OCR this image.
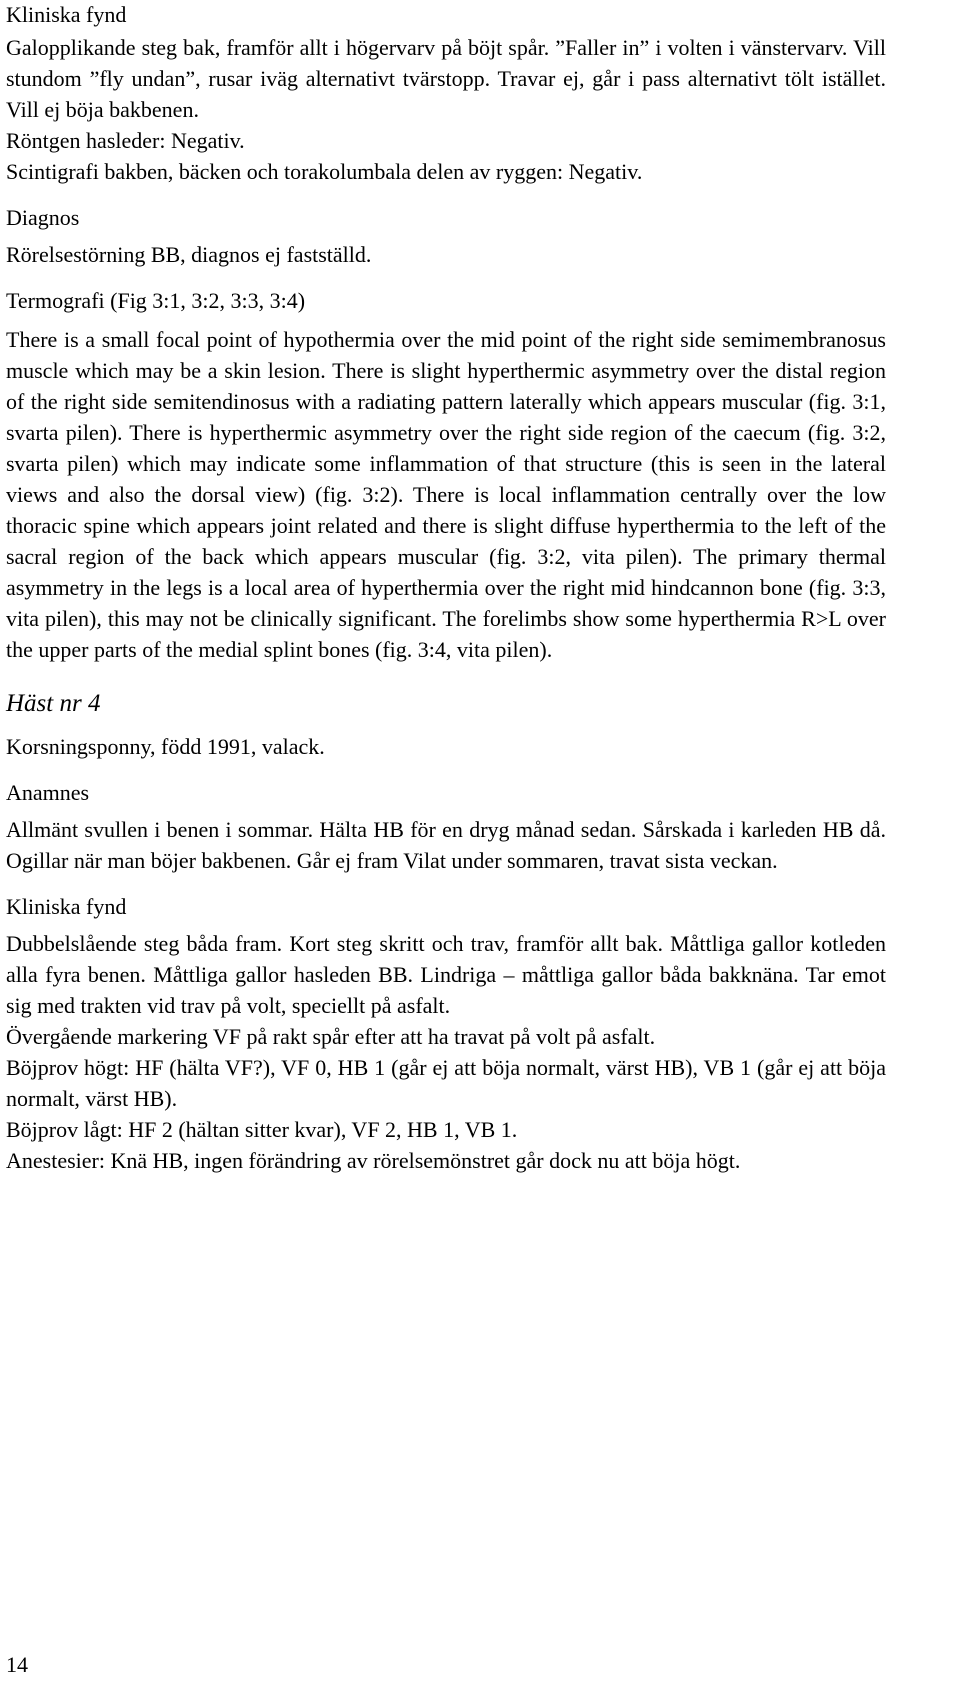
Kliniska fynd

Galopplikande steg bak, framför allt i högervarv på böjt spår. ”Faller in” i volten i vänstervarv. Vill stundom ”fly undan”, rusar iväg alternativt tvärstopp. Travar ej, går i pass alternativt tölt istället. Vill ej böja bakbenen.

Röntgen hasleder: Negativ.
Scintigrafi bakben, bäcken och torakolumbala delen av ryggen: Negativ.

Diagnos

Rörelsestörning BB, diagnos ej fastställd.

Termografi (Fig 3:1, 3:2, 3:3, 3:4)

There is a small focal point of hypothermia over the mid point of the right side semimembranosus muscle which may be a skin lesion. There is slight hyperthermic asymmetry over the distal region of the right side semitendinosus with a radiating pattern laterally which appears muscular (fig. 3:1, svarta pilen). There is hyperthermic asymmetry over the right side region of the caecum (fig. 3:2, svarta pilen) which may indicate some inflammation of that structure (this is seen in the lateral views and also the dorsal view) (fig. 3:2). There is local inflammation centrally over the low thoracic spine which appears joint related and there is slight diffuse hyperthermia to the left of the sacral region of the back which appears muscular (fig. 3:2, vita pilen). The primary thermal asymmetry in the legs is a local area of hyperthermia over the right mid hindcannon bone (fig. 3:3, vita pilen), this may not be clinically significant. The forelimbs show some hyperthermia R>L over the upper parts of the medial splint bones (fig. 3:4, vita pilen).

Häst nr 4

Korsningsponny, född 1991, valack.

Anamnes

Allmänt svullen i benen i sommar. Hälta HB för en dryg månad sedan. Sårskada i karleden HB då. Ogillar när man böjer bakbenen. Går ej fram Vilat under sommaren, travat sista veckan.

Kliniska fynd

Dubbelslående steg båda fram. Kort steg skritt och trav, framför allt bak. Måttliga gallor kotleden alla fyra benen. Måttliga gallor hasleden BB. Lindriga – måttliga gallor båda bakknäna. Tar emot sig med trakten vid trav på volt, speciellt på asfalt.

Övergående markering VF på rakt spår efter att ha travat på volt på asfalt.

Böjprov högt: HF (hälta VF?), VF 0, HB 1 (går ej att böja normalt, värst HB), VB 1 (går ej att böja normalt, värst HB).

Böjprov lågt: HF 2 (hältan sitter kvar), VF 2, HB 1, VB 1.

Anestesier: Knä HB, ingen förändring av rörelsemönstret går dock nu att böja högt.

14
